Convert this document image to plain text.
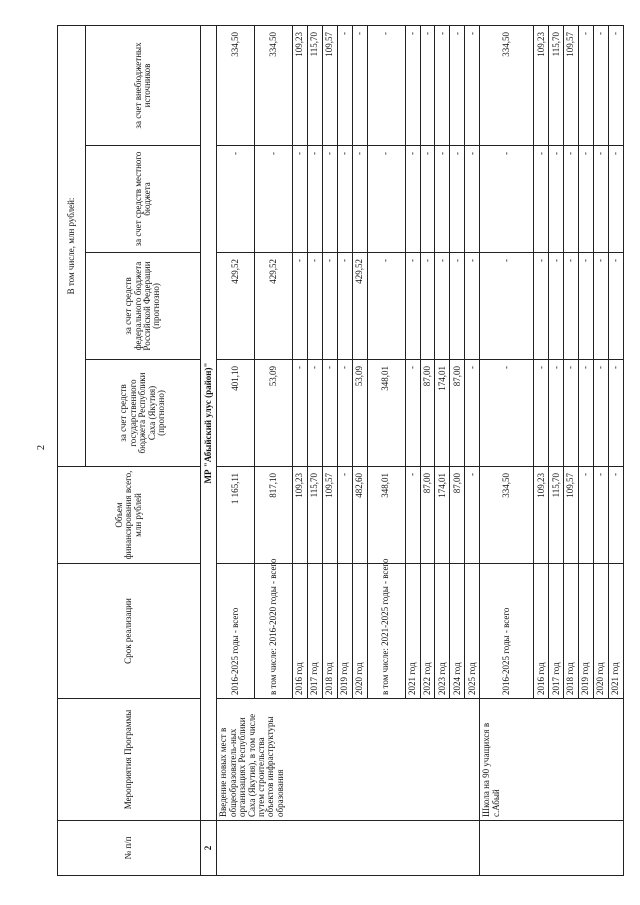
2
№ п/п	Мероприятия Программы	Срок реализации	Объем финансирования всего, млн рублей	В том числе, млн рублей:			
				за счет средств государственного бюджета Республики Саха (Якутия) (прогнозно)	за счет средств федерального бюджета Российской Федерации (прогнозно)	за счет средств местного бюджета	за счет внебюджетных источников
2	МР "Абыйский улус (район)"						
	Введение новых мест в общеобразователь-ных организациях Республики Саха (Якутия), в том числе путем строительства объектов инфраструктуры образования	2016-2025 годы - всего	1 165,11	401,10	429,52	-	334,50
		в том числе: 2016-2020 годы - всего	817,10	53,09	429,52	-	334,50
		2016 год	109,23	-	-	-	109,23
		2017 год	115,70	-	-	-	115,70
		2018 год	109,57	-	-	-	109,57
		2019 год	-	-	-	-	-
		2020 год	482,60	53,09	429,52	-	-
		в том числе: 2021-2025 годы - всего	348,01	348,01	-	-	-
		2021 год	-	-	-	-	-
		2022 год	87,00	87,00	-	-	-
		2023 год	174,01	174,01	-	-	-
		2024 год	87,00	87,00	-	-	-
		2025 год	-	-	-	-	-
	Школа на 90 учащихся в с.Абый	2016-2025 годы - всего	334,50	-	-	-	334,50
		2016 год	109,23	-	-	-	109,23
		2017 год	115,70	-	-	-	115,70
		2018 год	109,57	-	-	-	109,57
		2019 год	-	-	-	-	-
		2020 год	-	-	-	-	-
		2021 год	-	-	-	-	-
